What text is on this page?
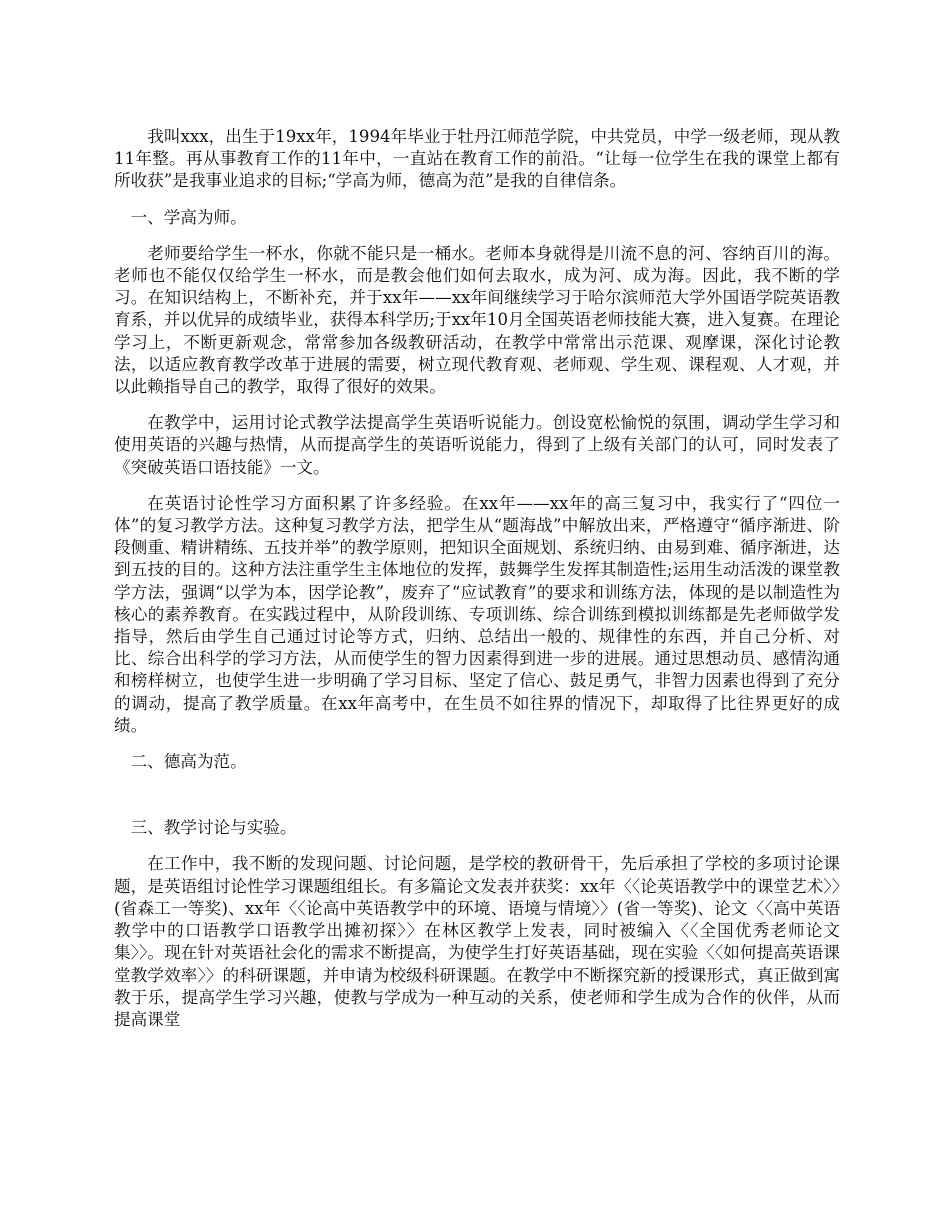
我叫xxx，出生于19xx年，1994年毕业于牡丹江师范学院，中共党员，中学一级老师，现从教11年整。再从事教育工作的11年中，一直站在教育工作的前沿。“让每一位学生在我的课堂上都有所收获”是我事业追求的目标;“学高为师，德高为范”是我的自律信条。

一、学高为师。

老师要给学生一杯水，你就不能只是一桶水。老师本身就得是川流不息的河、容纳百川的海。老师也不能仅仅给学生一杯水，而是教会他们如何去取水，成为河、成为海。因此，我不断的学习。在知识结构上，不断补充，并于xx年——xx年间继续学习于哈尔滨师范大学外国语学院英语教育系，并以优异的成绩毕业，获得本科学历;于xx年10月全国英语老师技能大赛，进入复赛。在理论学习上，不断更新观念，常常参加各级教研活动，在教学中常常出示范课、观摩课，深化讨论教法，以适应教育教学改革于进展的需要，树立现代教育观、老师观、学生观、课程观、人才观，并以此赖指导自己的教学，取得了很好的效果。

在教学中，运用讨论式教学法提高学生英语听说能力。创设宽松愉悦的氛围，调动学生学习和使用英语的兴趣与热情，从而提高学生的英语听说能力，得到了上级有关部门的认可，同时发表了《突破英语口语技能》一文。

在英语讨论性学习方面积累了许多经验。在xx年——xx年的高三复习中，我实行了“四位一体”的复习教学方法。这种复习教学方法，把学生从“题海战”中解放出来，严格遵守“循序渐进、阶段侧重、精讲精练、五技并举”的教学原则，把知识全面规划、系统归纳、由易到难、循序渐进，达到五技的目的。这种方法注重学生主体地位的发挥，鼓舞学生发挥其制造性;运用生动活泼的课堂教学方法，强调“以学为本，因学论教”，废弃了“应试教育”的要求和训练方法，体现的是以制造性为核心的素养教育。在实践过程中，从阶段训练、专项训练、综合训练到模拟训练都是先老师做学发指导，然后由学生自己通过讨论等方式，归纳、总结出一般的、规律性的东西，并自己分析、对比、综合出科学的学习方法，从而使学生的智力因素得到进一步的进展。通过思想动员、感情沟通和榜样树立，也使学生进一步明确了学习目标、坚定了信心、鼓足勇气，非智力因素也得到了充分的调动，提高了教学质量。在xx年高考中，在生员不如往界的情况下，却取得了比往界更好的成绩。

二、德高为范。

三、教学讨论与实验。

在工作中，我不断的发现问题、讨论问题，是学校的教研骨干，先后承担了学校的多项讨论课题，是英语组讨论性学习课题组组长。有多篇论文发表并获奖：xx年〈〈论英语教学中的课堂艺术〉〉(省森工一等奖)、xx年〈〈论高中英语教学中的环境、语境与情境〉〉(省一等奖)、论文〈〈高中英语教学中的口语教学口语教学出摊初探〉〉在林区教学上发表，同时被编入〈〈全国优秀老师论文集〉〉。现在针对英语社会化的需求不断提高，为使学生打好英语基础，现在实验〈〈如何提高英语课堂教学效率〉〉的科研课题，并申请为校级科研课题。在教学中不断探究新的授课形式，真正做到寓教于乐，提高学生学习兴趣，使教与学成为一种互动的关系，使老师和学生成为合作的伙伴，从而提高课堂
